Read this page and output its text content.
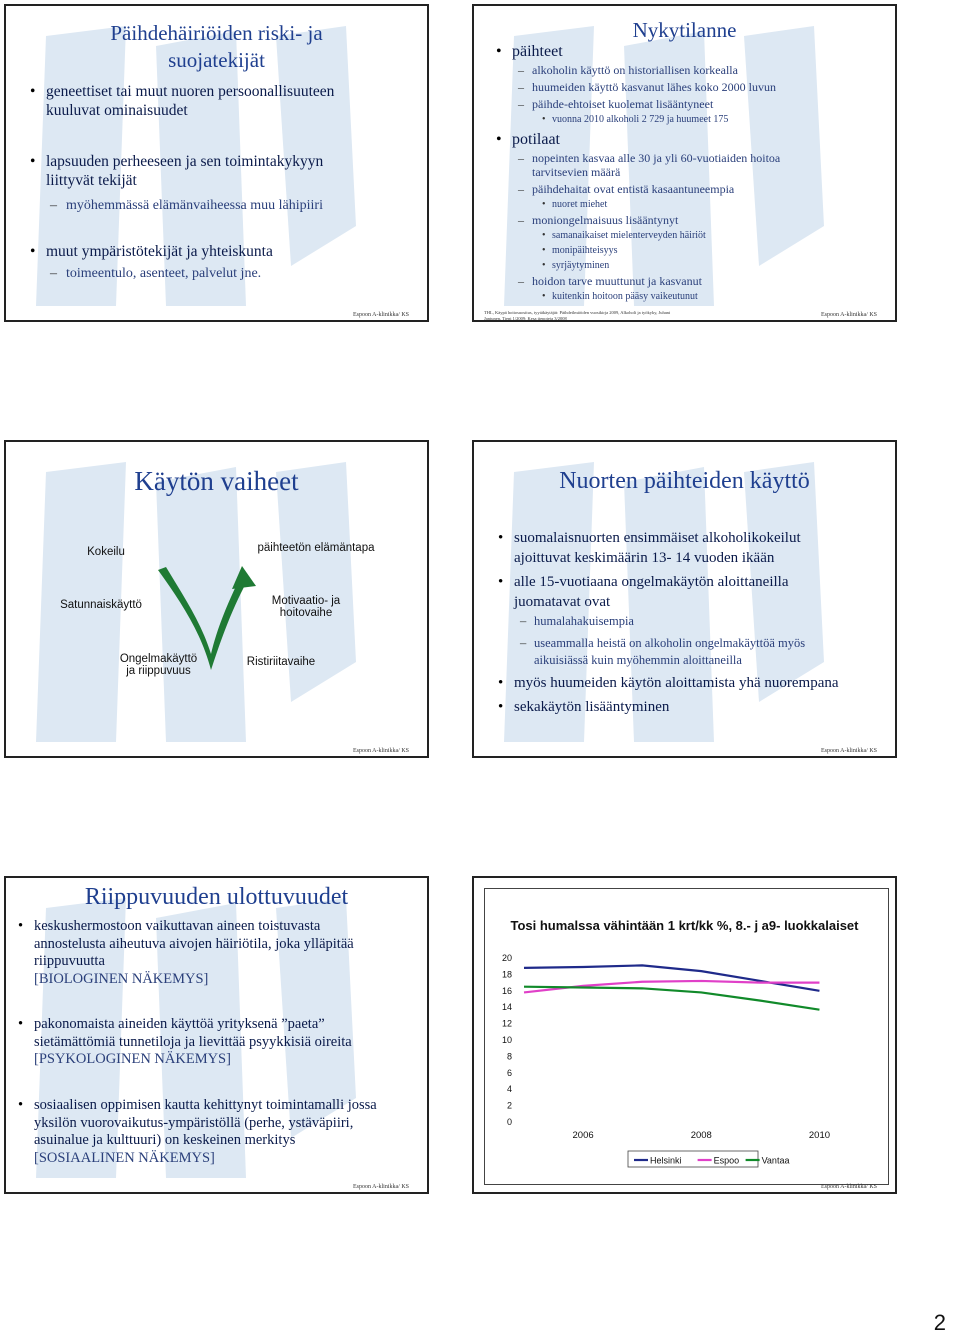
Päihdehäiriöiden riski- ja
suojatekijät
• geneettiset tai muut nuoren persoonallisuuteen
kuuluvat ominaisuudet
• lapsuuden perheeseen ja sen toimintakykyyn
liittyvät tekijät
– myöhemmässä elämänvaiheessa muu lähipiiri
• muut ympäristötekijät ja yhteiskunta
– toimeentulo, asenteet, palvelut jne.
Espoon A-klinikka/ KS
Nykytilanne
• päihteet
– alkoholin käyttö on historiallisen korkealla
– huumeiden käyttö kasvanut lähes koko 2000 luvun
– päihde-ehtoiset kuolemat lisääntyneet
• vuonna 2010 alkoholi 2 729 ja huumeet 175
• potilaat
– nopeinten kasvaa alle 30 ja yli 60-vuotiaiden hoitoa
tarvitsevien määrä
– päihdehaitat ovat entistä kasaantuneempia
• nuoret miehet
– moniongelmaisuus lisääntynyt
• samanaikaiset mielenterveyden häiriöt
• monipäihteisyys
• syrjäytyminen
– hoidon tarve muuttunut ja kasvanut
• kuitenkin hoitoon pääsy vaikeutunut
THL, Käypä hoitosuositus, tyytäkäytäjät: Päihdeilmiöiden vuosikirja 2009, Alkoholi ja työkyky, Juhani
Jantunen, Tieni 1/2009: Kesa tiepoteja 3/2008
Espoon A-klinikka/ KS
Käytön vaiheet
Kokeilu
Satunnaiskäyttö
Ongelmakäyttö
ja riippuvuus
päihteetön elämäntapa
Motivaatio- ja
hoitovaihe
Ristiriitavaihe
Espoon A-klinikka/ KS
Nuorten päihteiden käyttö
• suomalaisnuorten ensimmäiset alkoholikokeilut
ajoittuvat keskimäärin 13- 14 vuoden ikään
• alle 15-vuotiaana ongelmakäytön aloittaneilla
juomatavat ovat
– humalahakuisempia
– useammalla heistä on alkoholin ongelmakäyttöä myös
aikuisiässä kuin myöhemmin aloittaneilla
• myös huumeiden käytön aloittamista yhä nuorempana
• sekakäytön lisääntyminen
Espoon A-klinikka/ KS
Riippuvuuden ulottuvuudet
• keskushermostoon vaikuttavan aineen toistuvasta
annostelusta aiheutuva aivojen häiriötila, joka ylläpitää
riippuvuutta
[BIOLOGINEN NÄKEMYS]
• pakonomaista aineiden käyttöä yrityksenä ”paeta”
sietämättömiä tunnetiloja ja lievittää psyykkisiä oireita
[PSYKOLOGINEN NÄKEMYS]
• sosiaalisen oppimisen kautta kehittynyt toimintamalli jossa
yksilön vuorovaikutus-ympäristöllä (perhe, ystäväpiiri,
asuinalue ja kulttuuri) on keskeinen merkitys
[SOSIAALINEN NÄKEMYS]
Espoon A-klinikka/ KS
Tosi humalssa vähintään 1 krt/kk %, 8.- j a9- luokkalaiset
20
18
16
14
12
10
8
6
4
2
0
2006	2008	2010
Helsinki	Espoo Vantaa
Espoon A-klinikka/ KS
2
